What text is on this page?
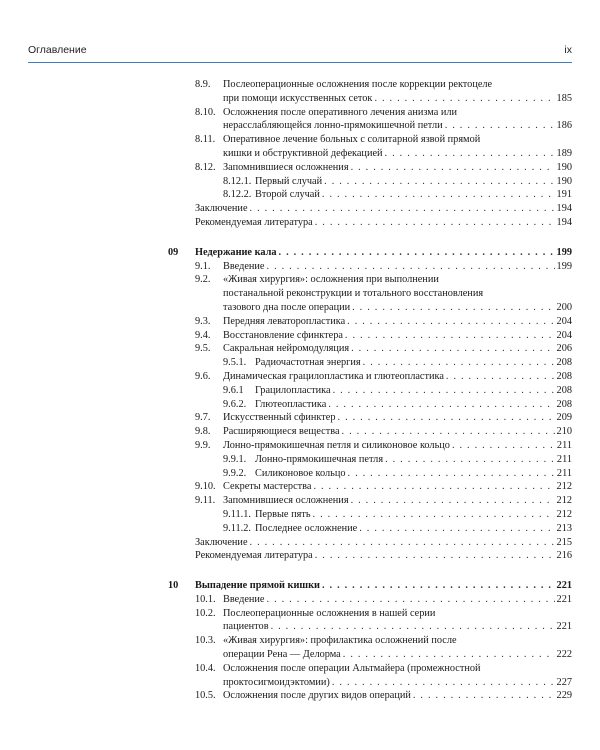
Оглавление	ix
8.9. Послеоперационные осложнения после коррекции ректоцеле
при помощи искусственных сеток . . .	185
8.10. Осложнения после оперативного лечения анизма или
нерасслабляющейся лонно-прямокишечной петли . . .	186
8.11. Оперативное лечение больных с солитарной язвой прямой
кишки и обструктивной дефекацией . . .	189
8.12. Запомнившиеся осложнения . . .	190
8.12.1. Первый случай . . .	190
8.12.2. Второй случай . . .	191
Заключение . . .	194
Рекомендуемая литература . . .	194
09 Недержание кала . . .	199
9.1. Введение . . .	199
9.2. «Живая хирургия»: осложнения при выполнении
постанальной реконструкции и тотального восстановления
тазового дна после операции . . .	200
9.3. Передняя леваторопластика . . .	204
9.4. Восстановление сфинктера . . .	204
9.5. Сакральная нейромодуляция . . .	206
9.5.1. Радиочастотная энергия . . .	208
9.6. Динамическая грацилопластика и глютеопластика . . .	208
9.6.1 Грацилопластика . . .	208
9.6.2. Глютеопластика . . .	208
9.7. Искусственный сфинктер . . .	209
9.8. Расширяющиеся вещества . . .	210
9.9. Лонно-прямокишечная петля и силиконовое кольцо . . .	211
9.9.1. Лонно-прямокишечная петля . . .	211
9.9.2. Силиконовое кольцо . . .	211
9.10. Секреты мастерства . . .	212
9.11. Запомнившиеся осложнения . . .	212
9.11.1. Первые пять . . .	212
9.11.2. Последнее осложнение . . .	213
Заключение . . .	215
Рекомендуемая литература . . .	216
10 Выпадение прямой кишки . . .	221
10.1. Введение . . .	221
10.2. Послеоперационные осложнения в нашей серии
пациентов . . .	221
10.3. «Живая хирургия»: профилактика осложнений после
операции Рена — Делорма . . .	222
10.4. Осложнения после операции Альтмайера (промежностной
проктосигмоидэктомии) . . .	227
10.5. Осложнения после других видов операций . . .	229
